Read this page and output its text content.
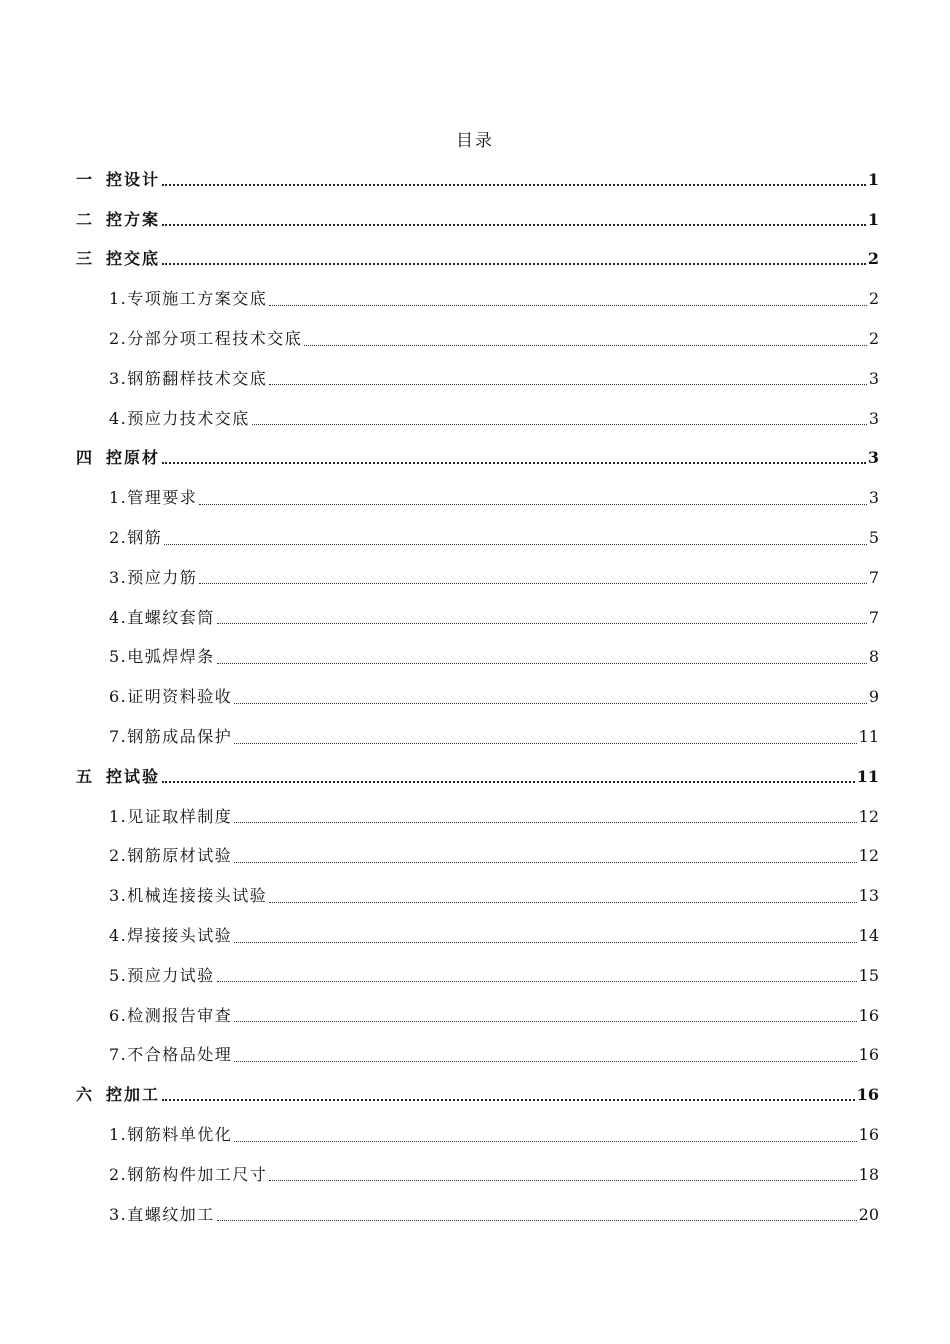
目录
一 控设计	1
二 控方案	1
三 控交底	2
1. 专项施工方案交底	2
2. 分部分项工程技术交底	2
3. 钢筋翻样技术交底	3
4. 预应力技术交底	3
四 控原材	3
1. 管理要求	3
2. 钢筋	5
3. 预应力筋	7
4. 直螺纹套筒	7
5. 电弧焊焊条	8
6. 证明资料验收	9
7. 钢筋成品保护	11
五 控试验	11
1. 见证取样制度	12
2. 钢筋原材试验	12
3. 机械连接接头试验	13
4. 焊接接头试验	14
5. 预应力试验	15
6. 检测报告审查	16
7. 不合格品处理	16
六 控加工	16
1. 钢筋料单优化	16
2. 钢筋构件加工尺寸	18
3. 直螺纹加工	20
